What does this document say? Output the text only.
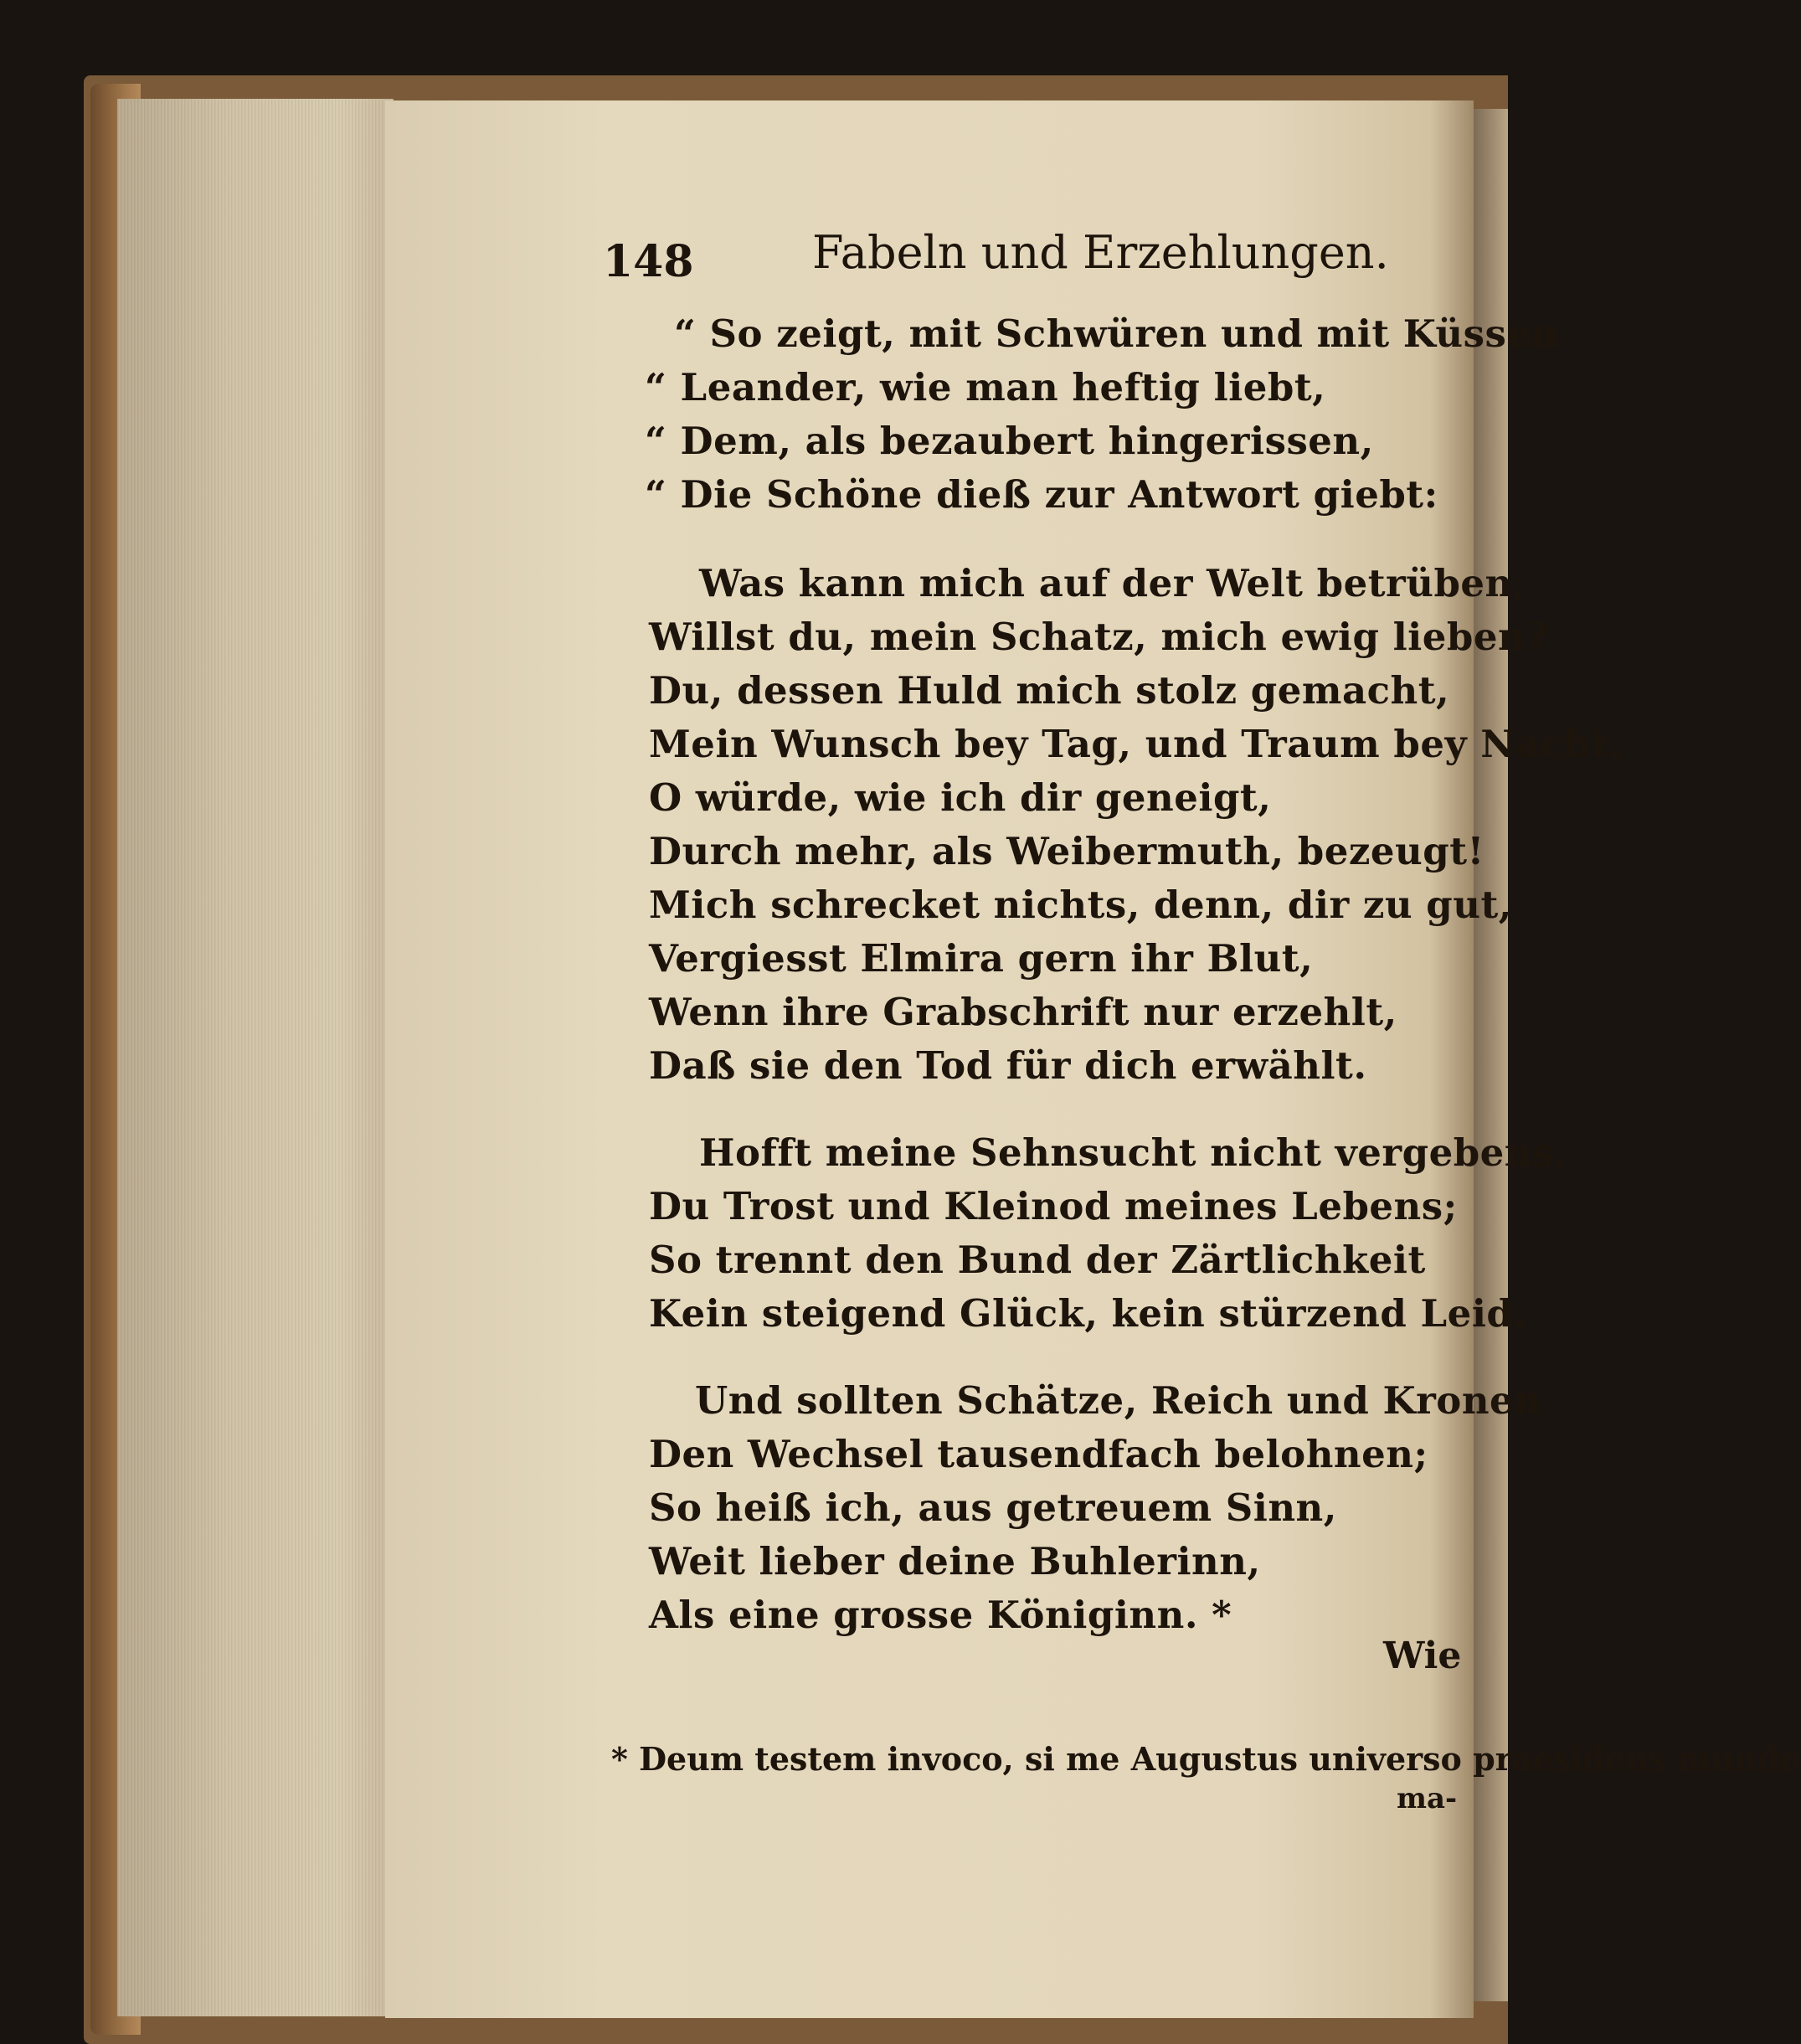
148	Fabeln und Erzehlungen.
“ So zeigt, mit Schwüren und mit Küssen
“ Leander, wie man heftig liebt,
“ Dem, als bezaubert hingerissen,
“ Die Schöne dieß zur Antwort giebt:
Was kann mich auf der Welt betrüben,
Willst du, mein Schatz, mich ewig lieben?
Du, dessen Huld mich stolz gemacht,
Mein Wunsch bey Tag, und Traum bey Nacht.
O würde, wie ich dir geneigt,
Durch mehr, als Weibermuth, bezeugt!
Mich schrecket nichts, denn, dir zu gut,
Vergiesst Elmira gern ihr Blut,
Wenn ihre Grabschrift nur erzehlt,
Daß sie den Tod für dich erwählt.
Hofft meine Sehnsucht nicht vergebens,
Du Trost und Kleinod meines Lebens;
So trennt den Bund der Zärtlichkeit
Kein steigend Glück, kein stürzend Leid.
Und sollten Schätze, Reich und Kronen
Den Wechsel tausendfach belohnen;
So heiß ich, aus getreuem Sinn,
Weit lieber deine Buhlerinn,
Als eine grosse Königinn. *
Wie
* Deum testem invoco, si me Augustus universo praesidens mundo
ma-
